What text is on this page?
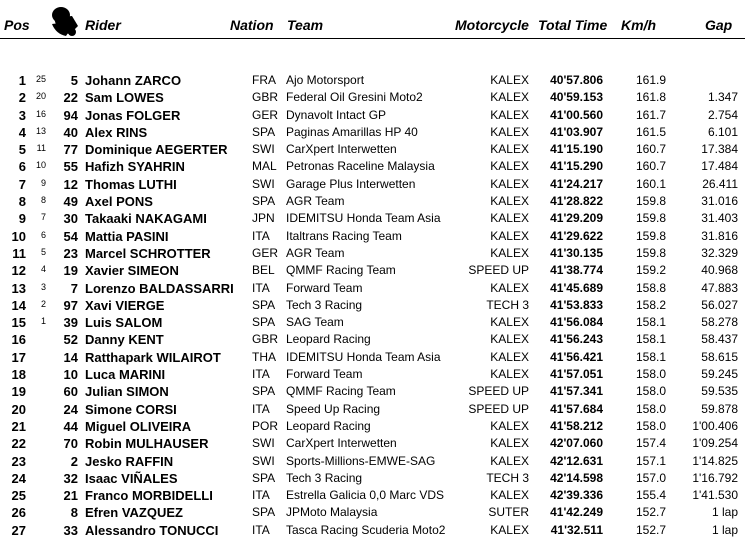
Pos	Rider	Nation Team	Motorcycle Total Time Km/h	Gap
1	25	5 Johann ZARCO	FRA Ajo Motorsport	KALEX	40'57.806	161.9
2	20	22 Sam LOWES	GBR Federal Oil Gresini Moto2	KALEX	40'59.153	161.8	1.347
3	16	94 Jonas FOLGER	GER Dynavolt Intact GP	KALEX	41'00.560	161.7	2.754
4	13	40 Alex RINS	SPA Paginas Amarillas HP 40	KALEX	41'03.907	161.5	6.101
5	11	77 Dominique AEGERTER SWI CarXpert Interwetten	KALEX	41'15.190	160.7	17.384
6	10	55 Hafizh SYAHRIN	MAL Petronas Raceline Malaysia	KALEX	41'15.290	160.7	17.484
7	9	12 Thomas LUTHI	SWI Garage Plus Interwetten	KALEX	41'24.217	160.1	26.411
8	8	49 Axel PONS	SPA AGR Team	KALEX	41'28.822	159.8	31.016
9	7	30 Takaaki NAKAGAMI	JPN IDEMITSU Honda Team Asia	KALEX	41'29.209	159.8	31.403
10	6	54 Mattia PASINI	ITA	Italtrans Racing Team	KALEX	41'29.622	159.8	31.816
11	5	23 Marcel SCHROTTER	GER AGR Team	KALEX	41'30.135	159.8	32.329
12	4	19 Xavier SIMEON	BEL QMMF Racing Team	SPEED UP	41'38.774	159.2	40.968
13	3	7 Lorenzo BALDASSARRI ITA	Forward Team	KALEX	41'45.689	158.8	47.883
14	2	97 Xavi VIERGE	SPA Tech 3 Racing	TECH 3	41'53.833	158.2	56.027
15	1	39 Luis SALOM	SPA SAG Team	KALEX	41'56.084	158.1	58.278
16	52 Danny KENT	GBR Leopard Racing	KALEX	41'56.243	158.1	58.437
17	14 Ratthapark WILAIROT	THA IDEMITSU Honda Team Asia	KALEX	41'56.421	158.1	58.615
18	10 Luca MARINI	ITA	Forward Team	KALEX	41'57.051	158.0	59.245
19	60 Julian SIMON	SPA QMMF Racing Team	SPEED UP	41'57.341	158.0	59.535
20	24 Simone CORSI	ITA	Speed Up Racing	SPEED UP	41'57.684	158.0	59.878
21	44 Miguel OLIVEIRA	POR Leopard Racing	KALEX	41'58.212	158.0	1'00.406
22	70 Robin MULHAUSER	SWI CarXpert Interwetten	KALEX	42'07.060	157.4	1'09.254
23	2 Jesko RAFFIN	SWI Sports-Millions-EMWE-SAG	KALEX	42'12.631	157.1	1'14.825
24	32 Isaac VIÑALES	SPA Tech 3 Racing	TECH 3	42'14.598	157.0	1'16.792
25	21 Franco MORBIDELLI	ITA	Estrella Galicia 0,0 Marc VDS	KALEX	42'39.336	155.4	1'41.530
26	8 Efren VAZQUEZ	SPA JPMoto Malaysia	SUTER	41'42.249	152.7	1 lap
27	33 Alessandro TONUCCI	ITA	Tasca Racing Scuderia Moto2	KALEX	41'32.511	152.7	1 lap
